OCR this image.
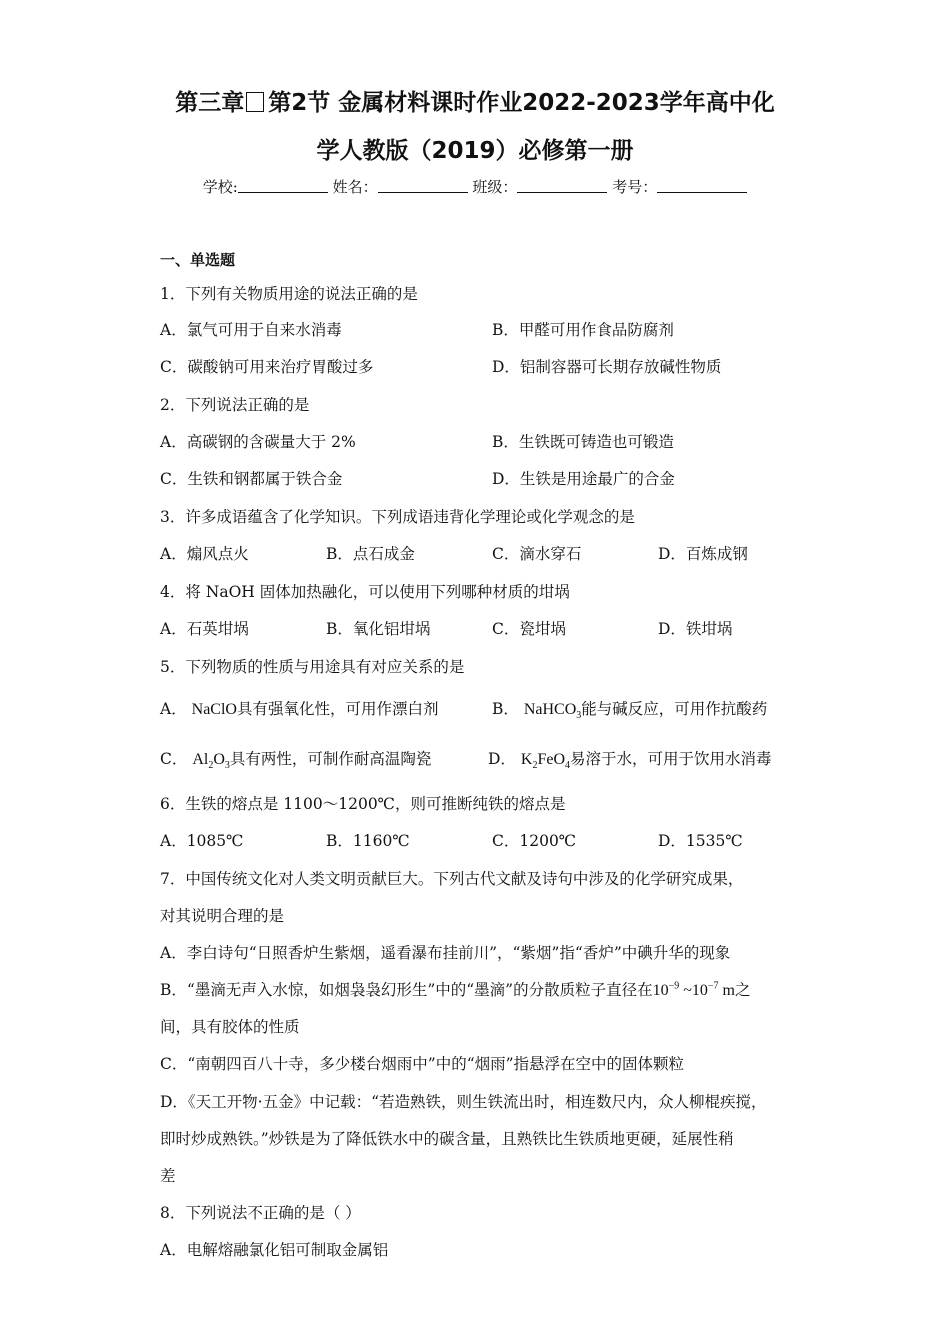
第三章 第2节 金属材料课时作业2022-2023学年高中化
学人教版（2019）必修第一册
学校:	姓名：	班级：	考号：
一、单选题
1．下列有关物质用途的说法正确的是
A．氯气可用于自来水消毒	B．甲醛可用作食品防腐剂
C．碳酸钠可用来治疗胃酸过多	D．铝制容器可长期存放碱性物质
2．下列说法正确的是
A．高碳钢的含碳量大于 2%	B．生铁既可铸造也可锻造
C．生铁和钢都属于铁合金	D．生铁是用途最广的合金
3．许多成语蕴含了化学知识。下列成语违背化学理论或化学观念的是
A．煽风点火	B．点石成金	C．滴水穿石	D．百炼成钢
4．将 NaOH 固体加热融化，可以使用下列哪种材质的坩埚
A．石英坩埚	B．氧化铝坩埚	C．瓷坩埚	D．铁坩埚
5．下列物质的性质与用途具有对应关系的是
A． NaClO具有强氧化性，可用作漂白剂	B． NaHCO$_3$能与碱反应，可用作抗酸药
C． $Al_2O_3$具有两性，可制作耐高温陶瓷	D． $K_2FeO_4$易溶于水，可用于饮用水消毒
6．生铁的熔点是 1100～1200℃，则可推断纯铁的熔点是
A．1085℃	B．1160℃	C．1200℃	D．1535℃
7．中国传统文化对人类文明贡献巨大。下列古代文献及诗句中涉及的化学研究成果，
对其说明合理的是
A．李白诗句“日照香炉生紫烟，遥看瀑布挂前川”，“紫烟”指“香炉”中碘升华的现象
B．“墨滴无声入水惊，如烟袅袅幻形生”中的“墨滴”的分散质粒子直径在$10^{-9}$ $\sim 10^{-7}$ m之
间，具有胶体的性质
C．“南朝四百八十寺，多少楼台烟雨中”中的“烟雨”指悬浮在空中的固体颗粒
D．《天工开物·五金》中记载：“若造熟铁，则生铁流出时，相连数尺内，众人柳棍疾搅，
即时炒成熟铁。”炒铁是为了降低铁水中的碳含量，且熟铁比生铁质地更硬，延展性稍
差
8．下列说法不正确的是（ ）
A．电解熔融氯化铝可制取金属铝
